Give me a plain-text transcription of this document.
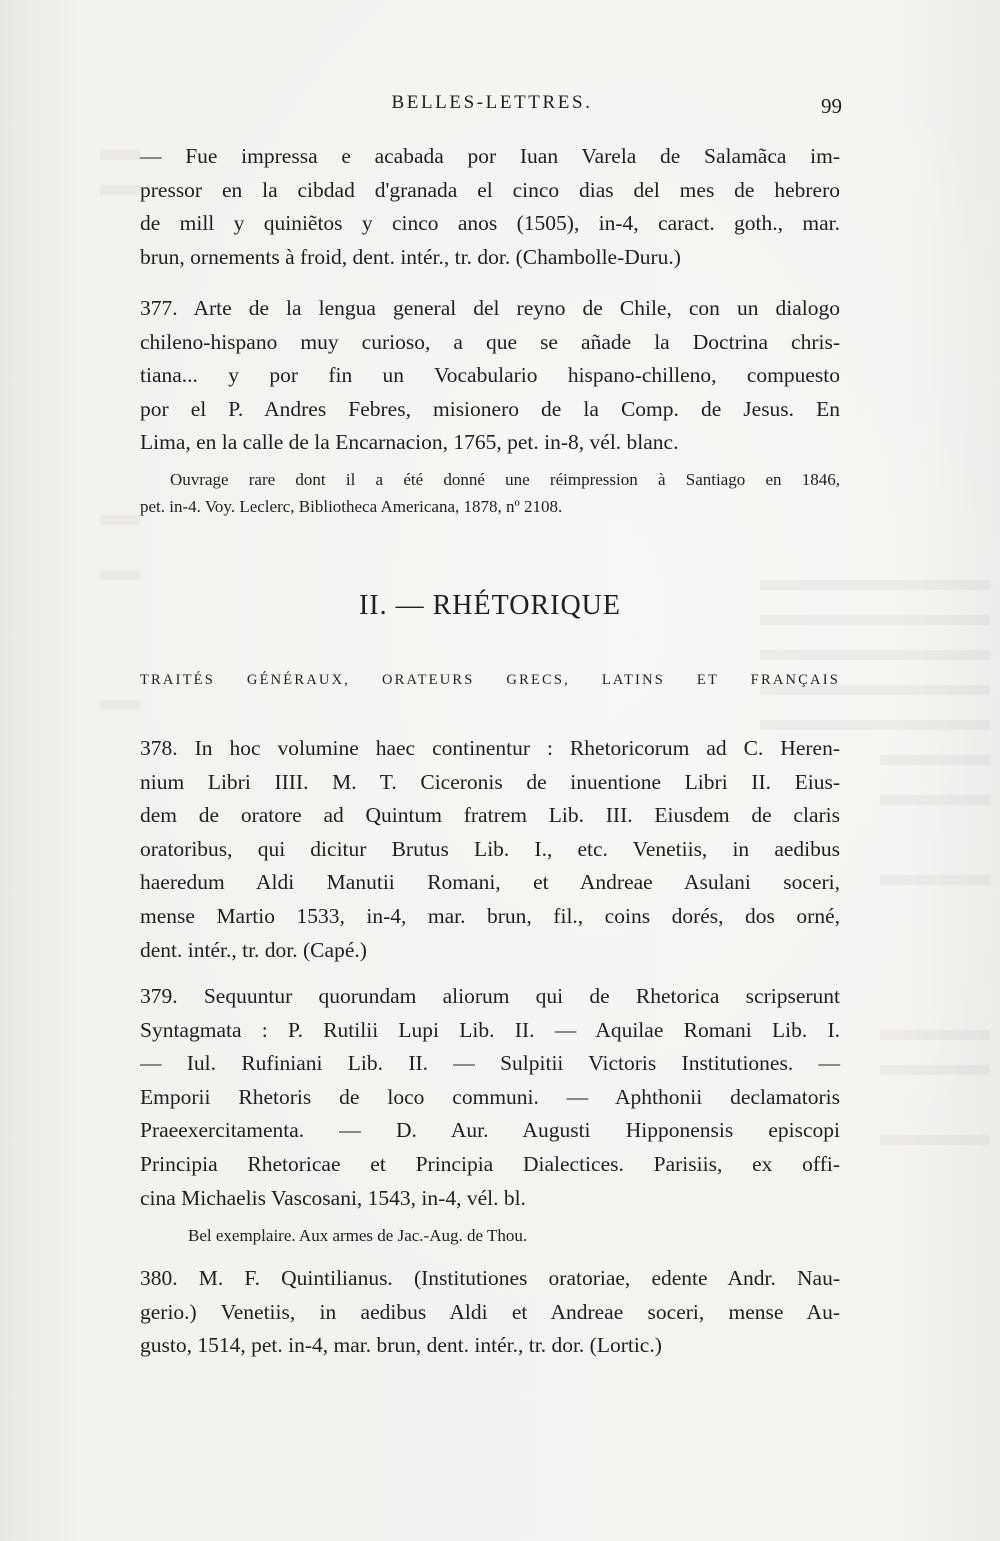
BELLES-LETTRES.	99
— Fue impressa e acabada por Iuan Varela de Salamãca im-
pressor en la cibdad d'granada el cinco dias del mes de hebrero
de mill y quiniẽtos y cinco anos (1505), in-4, caract. goth., mar.
brun, ornements à froid, dent. intér., tr. dor. (Chambolle-Duru.)
377. Arte de la lengua general del reyno de Chile, con un dialogo
chileno-hispano muy curioso, a que se añade la Doctrina chris-
tiana... y por fin un Vocabulario hispano-chilleno, compuesto
por el P. Andres Febres, misionero de la Comp. de Jesus. En
Lima, en la calle de la Encarnacion, 1765, pet. in-8, vél. blanc.
Ouvrage rare dont il a été donné une réimpression à Santiago en 1846,
pet. in-4. Voy. Leclerc, Bibliotheca Americana, 1878, nº 2108.
II. — RHÉTORIQUE
TRAITÉS GÉNÉRAUX, ORATEURS GRECS, LATINS ET FRANÇAIS
378. In hoc volumine haec continentur : Rhetoricorum ad C. Heren-
nium Libri IIII. M. T. Ciceronis de inuentione Libri II. Eius-
dem de oratore ad Quintum fratrem Lib. III. Eiusdem de claris
oratoribus, qui dicitur Brutus Lib. I., etc. Venetiis, in aedibus
haeredum Aldi Manutii Romani, et Andreae Asulani soceri,
mense Martio 1533, in-4, mar. brun, fil., coins dorés, dos orné,
dent. intér., tr. dor. (Capé.)
379. Sequuntur quorundam aliorum qui de Rhetorica scripserunt
Syntagmata : P. Rutilii Lupi Lib. II. — Aquilae Romani Lib. I.
— Iul. Rufiniani Lib. II. — Sulpitii Victoris Institutiones. —
Emporii Rhetoris de loco communi. — Aphthonii declamatoris
Praeexercitamenta. — D. Aur. Augusti Hipponensis episcopi
Principia Rhetoricae et Principia Dialectices. Parisiis, ex offi-
cina Michaelis Vascosani, 1543, in-4, vél. bl.
Bel exemplaire. Aux armes de Jac.-Aug. de Thou.
380. M. F. Quintilianus. (Institutiones oratoriae, edente Andr. Nau-
gerio.) Venetiis, in aedibus Aldi et Andreae soceri, mense Au-
gusto, 1514, pet. in-4, mar. brun, dent. intér., tr. dor. (Lortic.)
